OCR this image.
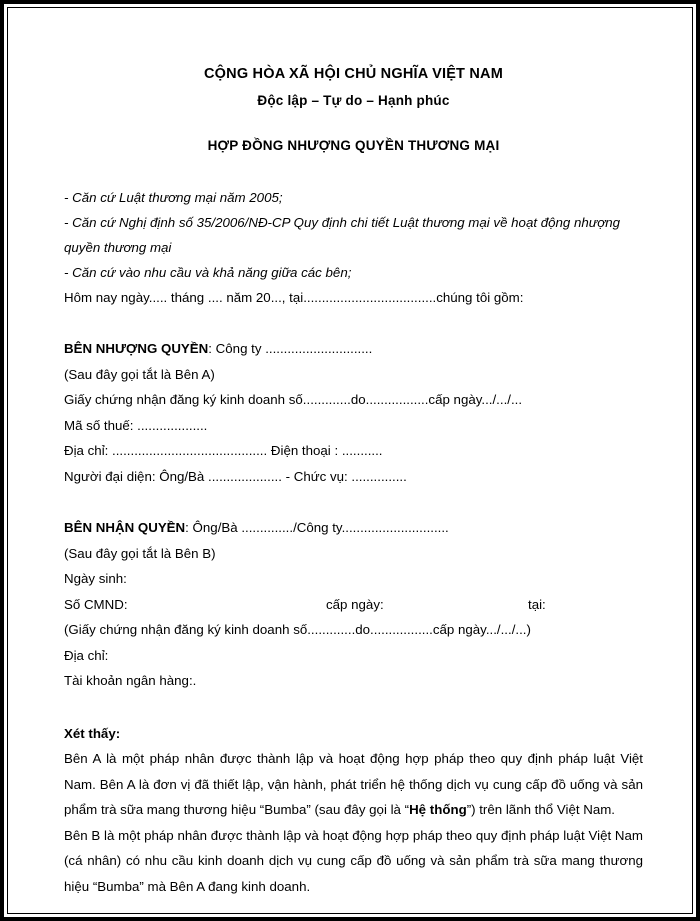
CỘNG HÒA XÃ HỘI CHỦ NGHĨA VIỆT NAM
Độc lập – Tự do – Hạnh phúc
HỢP ĐỒNG NHƯỢNG QUYỀN THƯƠNG MẠI

- Căn cứ Luật thương mại năm 2005;

- Căn cứ Nghị định số 35/2006/NĐ-CP Quy định chi tiết Luật thương mại về hoạt động nhượng quyền thương mại

- Căn cứ vào nhu cầu và khả năng giữa các bên;

Hôm nay ngày..... tháng .... năm 20..., tại....................................chúng tôi gồm:

BÊN NHƯỢNG QUYỀN: Công ty .............................

(Sau đây gọi tắt là Bên A)

Giấy chứng nhận đăng ký kinh doanh số.............do.................cấp ngày.../.../...

Mã số thuế: ...................

Địa chỉ: .......................................... Điện thoại : ...........

Người đại diện: Ông/Bà .................... - Chức vụ: ...............

BÊN NHẬN QUYỀN: Ông/Bà ............../Công ty.............................

(Sau đây gọi tắt là Bên B)

Ngày sinh:

Số CMND:	cấp ngày:	tại:

(Giấy chứng nhận đăng ký kinh doanh số.............do.................cấp ngày.../.../...)

Địa chỉ:

Tài khoản ngân hàng:.

Xét thấy:

Bên A là một pháp nhân được thành lập và hoạt động hợp pháp theo quy định pháp luật Việt Nam. Bên A là đơn vị đã thiết lập, vận hành, phát triển hệ thống dịch vụ cung cấp đồ uống và sản phẩm trà sữa mang thương hiệu “Bumba” (sau đây gọi là “Hệ thống”) trên lãnh thổ Việt Nam.

Bên B là một pháp nhân được thành lập và hoạt động hợp pháp theo quy định pháp luật Việt Nam (cá nhân) có nhu cầu kinh doanh dịch vụ cung cấp đồ uống và sản phẩm trà sữa mang thương hiệu “Bumba” mà Bên A đang kinh doanh.
